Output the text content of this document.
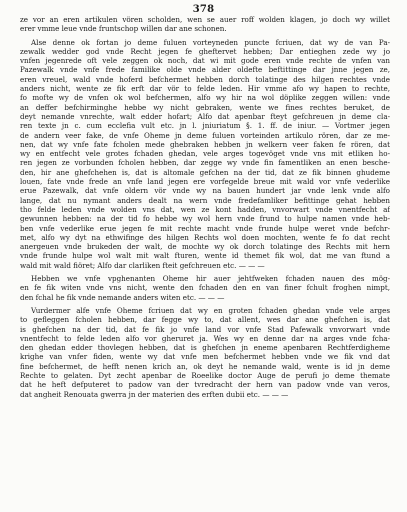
378
ze vor an eren artikulen vören scholden, wen se auer roff wolden klagen, jo doch wy willet
erer vmme leue vnde fruntschop willen dar ane schonen.
Alse denne ok fortan jo deme fuluen vorteyneden puncte fcriuen, dat wy de van Pa-
zewalk wedder god vnde Recht jegen fe gheftervet hebben; Dar entieghen zede wy jo
vnfen jegenrede oft vele zeggen ok noch, dat wi mit gode eren vnde rechte de vnfen van
Pazewalk vnde vnfe frede familike olde vnde alder oldefte beftittinge dar jnne jegen ze,
eren vreuel, wald vnde hoferd befchermet hebben dorch tolatinge des hilgen rechtes vnde
anders nicht, wente ze fik erft dar vör to felde leden. Hir vmme afo wy hapen to rechte,
fo mofte wy de vnfen ok wol befchermen, alfo wy hir na wol döplike zeggen willen: vnde
an deffer befchirminghe hebbe wy nicht gebraken, wente we fines rechtes beruket, de
deyt nemande vnrechte, walt edder hofart; Alfo dat apenbar fteyt gefchreuen jn deme cla-
ren texte jn c. cum ecclefia vult etc. jn l. jniuriatum §. 1. ff. de iniur. — Vortmer jegen
de andern veer fake, de vnfe Oheme jn deme fuluen vorteinden artikulo rören, dar ze me-
nen, dat wy vnfe fate fcholen mede ghebraken hebben jn welkern veer faken fe rören, dat
wy en entfecht vele grotes fchaden ghedan, vele arges togevöget vnde vns mit etliken ho-
ren jegen ze vorbunden fcholen hebben, dar zegge wy vnde fin famentliken an enen besche-
den, hir ane ghefchehen is, dat is altomale gefchen na der tid, dat ze fik binnen ghudeme
louen, fate vnde frede an vnfe land jegen ere vorfegelde breue mit wald vor vnfe vederlike
erue Pazewalk, dat vnfe oldern vör vnde wy na bauen hundert jar vnde lenk vnde alfo
lange, dat nu nymant anders dealt na wern vnde fredefamliker befittinge gehat hebben
tho felde leden vnde wolden vns dat, wen ze kont hadden, vnvorwart vnde vnentfecht af
gewunnen hebben: na der tid fo hebbe wy wol hern vnde frund to hulpe namen vnde heb-
ben vnfe vederlike erue jegen fe mit rechte macht vnde frunde hulpe weret vnde befchr-
met, alfo wy dyt na ethwifinge des hilgen Rechts wol doen mochten, wente fe fo dat recht
anergeuen vnde brukeden der walt, de mochte wy ok dorch tolatinge des Rechts mit hern
vnde frunde hulpe wol walt mit walt fturen, wente id themet fik wol, dat me van ftund a
wald mit wald fiöret; Alfo dar clarliken fteit gefchreuen etc. — — —
Hebben we vnfe vpghenanten Oheme hir auer jehtfweken fchaden nauen des mög-
en fe fik witen vnde vns nicht, wente den fchaden den en van finer fchult froghen nimpt,
den fchal he fik vnde nemande anders witen etc. — — —
Vurdermer alfe vnfe Oheme fcriuen dat wy en groten fchaden ghedan vnde vele arges
to gefleggen fcholen hebben, dar fegge wy to, dat allent, wes dar ane ghefchen is, dat
is ghefchen na der tid, dat fe fik jo vnfe land vor vnfe Stad Pafewalk vnvorwart vnde
vnentfecht to felde leden alfo vor gheruret ja. Wes wy en denne dar na arges vnde fcha-
den ghedan edder thovlegen hebben, dat is ghefchen jn eneme apenbaren Rechtferdigheme
krighe van vnfer fiden, wente wy dat vnfe men befchermet hebben vnde we fik vnd dat
fine befchermet, de hefft nenen krich an, ok deyt he nemande wald, wente is id jn deme
Rechte to gelaten. Dyt zecht apenbar de Roeelike doctor Auge de perufi jo deme themate
dat he heft defputeret to padow van der tvredracht der hern van padow vnde van veros,
dat angheit Renouata gwerra jn der materien des erften dubii etc. — — —
